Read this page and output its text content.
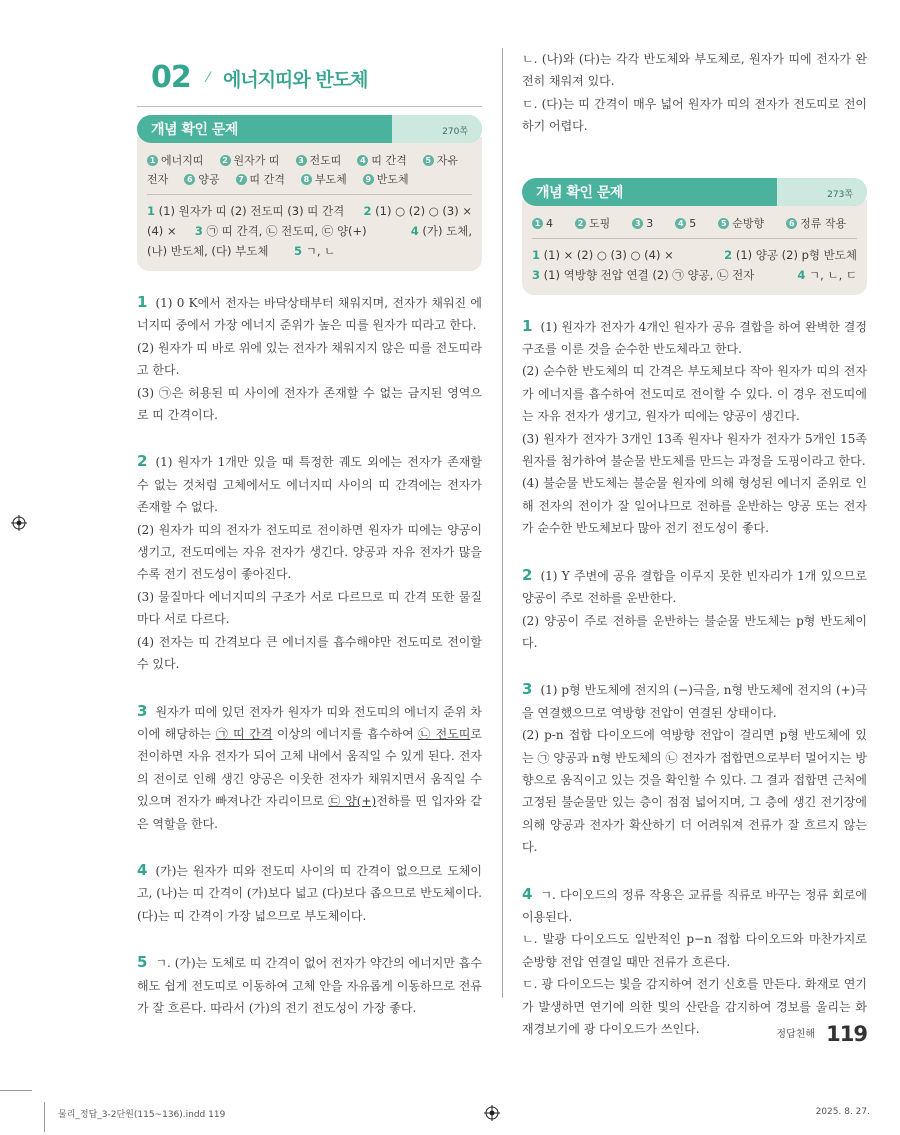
02 ⁄ 에너지띠와 반도체
개념 확인 문제	270쪽
1 에너지띠	2 원자가 띠	3 전도띠	4 띠 간격	5 자유
전자	6 양공	7 띠 간격	8 부도체	9 반도체
1 (1) 원자가 띠 (2) 전도띠 (3) 띠 간격 2 (1) ○ (2) ○ (3) ×
(4) × 3 ㉠ 띠 간격, ㉡ 전도띠, ㉢ 양(+)	4 (가) 도체,
(나) 반도체, (다) 부도체 5 ㄱ, ㄴ

1 (1) 0 K에서 전자는 바닥상태부터 채워지며, 전자가 채워진 에너지띠 중에서 가장 에너지 준위가 높은 띠를 원자가 띠라고 한다.

(2) 원자가 띠 바로 위에 있는 전자가 채워지지 않은 띠를 전도띠라고 한다.

(3) ㉠은 허용된 띠 사이에 전자가 존재할 수 없는 금지된 영역으로 띠 간격이다.

2 (1) 원자가 1개만 있을 때 특정한 궤도 외에는 전자가 존재할 수 없는 것처럼 고체에서도 에너지띠 사이의 띠 간격에는 전자가 존재할 수 없다.

(2) 원자가 띠의 전자가 전도띠로 전이하면 원자가 띠에는 양공이 생기고, 전도띠에는 자유 전자가 생긴다. 양공과 자유 전자가 많을수록 전기 전도성이 좋아진다.

(3) 물질마다 에너지띠의 구조가 서로 다르므로 띠 간격 또한 물질마다 서로 다르다.

(4) 전자는 띠 간격보다 큰 에너지를 흡수해야만 전도띠로 전이할 수 있다.

3 원자가 띠에 있던 전자가 원자가 띠와 전도띠의 에너지 준위 차이에 해당하는 ㉠ 띠 간격 이상의 에너지를 흡수하여 ㉡ 전도띠로 전이하면 자유 전자가 되어 고체 내에서 움직일 수 있게 된다. 전자의 전이로 인해 생긴 양공은 이웃한 전자가 채워지면서 움직일 수 있으며 전자가 빠져나간 자리이므로 ㉢ 양(+)전하를 띤 입자와 같은 역할을 한다.

4 (가)는 원자가 띠와 전도띠 사이의 띠 간격이 없으므로 도체이고, (나)는 띠 간격이 (가)보다 넓고 (다)보다 좁으므로 반도체이다. (다)는 띠 간격이 가장 넓으므로 부도체이다.

5 ㄱ. (가)는 도체로 띠 간격이 없어 전자가 약간의 에너지만 흡수해도 쉽게 전도띠로 이동하여 고체 안을 자유롭게 이동하므로 전류가 잘 흐른다. 따라서 (가)의 전기 전도성이 가장 좋다.

ㄴ. (나)와 (다)는 각각 반도체와 부도체로, 원자가 띠에 전자가 완전히 채워져 있다.

ㄷ. (다)는 띠 간격이 매우 넓어 원자가 띠의 전자가 전도띠로 전이하기 어렵다.

개념 확인 문제	273쪽
1 4	2 도핑	3 3	4 5	5 순방향	6 정류 작용
1 (1) × (2) ○ (3) ○ (4) ×	2 (1) 양공 (2) p형 반도체
3 (1) 역방향 전압 연결 (2) ㉠ 양공, ㉡ 전자	4 ㄱ, ㄴ, ㄷ

1 (1) 원자가 전자가 4개인 원자가 공유 결합을 하여 완벽한 결정 구조를 이룬 것을 순수한 반도체라고 한다.

(2) 순수한 반도체의 띠 간격은 부도체보다 작아 원자가 띠의 전자가 에너지를 흡수하여 전도띠로 전이할 수 있다. 이 경우 전도띠에는 자유 전자가 생기고, 원자가 띠에는 양공이 생긴다.

(3) 원자가 전자가 3개인 13족 원자나 원자가 전자가 5개인 15족 원자를 첨가하여 불순물 반도체를 만드는 과정을 도핑이라고 한다.

(4) 불순물 반도체는 불순물 원자에 의해 형성된 에너지 준위로 인해 전자의 전이가 잘 일어나므로 전하를 운반하는 양공 또는 전자가 순수한 반도체보다 많아 전기 전도성이 좋다.

2 (1) Y 주변에 공유 결합을 이루지 못한 빈자리가 1개 있으므로 양공이 주로 전하를 운반한다.

(2) 양공이 주로 전하를 운반하는 불순물 반도체는 p형 반도체이다.

3 (1) p형 반도체에 전지의 (−)극을, n형 반도체에 전지의 (+)극을 연결했으므로 역방향 전압이 연결된 상태이다.

(2) p-n 접합 다이오드에 역방향 전압이 걸리면 p형 반도체에 있는 ㉠ 양공과 n형 반도체의 ㉡ 전자가 접합면으로부터 멀어지는 방향으로 움직이고 있는 것을 확인할 수 있다. 그 결과 접합면 근처에 고정된 불순물만 있는 층이 점점 넓어지며, 그 층에 생긴 전기장에 의해 양공과 전자가 확산하기 더 어려워져 전류가 잘 흐르지 않는다.

4 ㄱ. 다이오드의 정류 작용은 교류를 직류로 바꾸는 정류 회로에 이용된다.

ㄴ. 발광 다이오드도 일반적인 p−n 접합 다이오드와 마찬가지로 순방향 전압 연결일 때만 전류가 흐른다.

ㄷ. 광 다이오드는 빛을 감지하여 전기 신호를 만든다. 화재로 연기가 발생하면 연기에 의한 빛의 산란을 감지하여 경보를 울리는 화재경보기에 광 다이오드가 쓰인다.	$^{정답친해}$ 119
물리_정답_3-2단원(115~136).indd 119	2025. 8. 27.
